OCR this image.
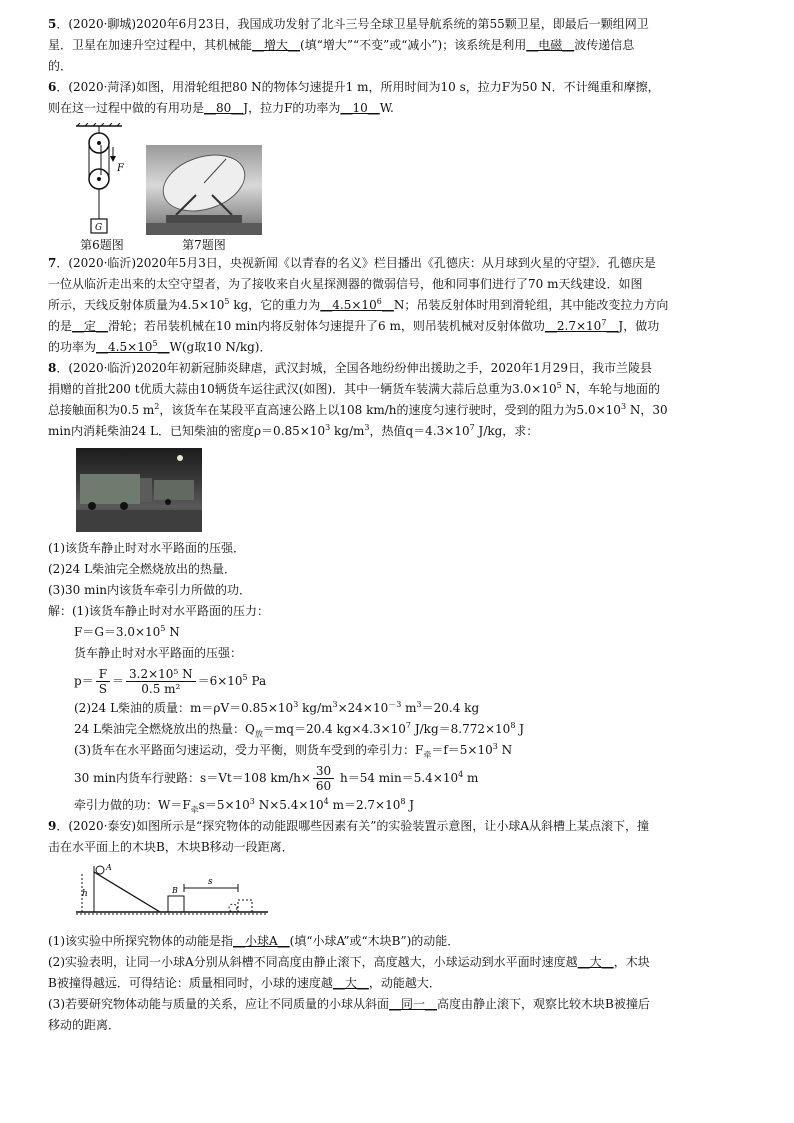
5．(2020·聊城)2020年6月23日，我国成功发射了北斗三号全球卫星导航系统的第55颗卫星，即最后一颗组网卫

星．卫星在加速升空过程中，其机械能__增大__(填“增大”“不变”或“减小”)；该系统是利用__电磁__波传递信息

的．

6．(2020·菏泽)如图，用滑轮组把80 N的物体匀速提升1 m，所用时间为10 s，拉力F为50 N．不计绳重和摩擦，

则在这一过程中做的有用功是__80__J，拉力F的功率为__10__W.

F
G
第6题图	第7题图

7．(2020·临沂)2020年5月3日，央视新闻《以青春的名义》栏目播出《孔德庆：从月球到火星的守望》．孔德庆是

一位从临沂走出来的太空守望者，为了接收来自火星探测器的微弱信号，他和同事们进行了70 m天线建设．如图

所示，天线反射体质量为$4.5\times 10^5$ kg，它的重力为$\_\_4.5\times 10^6\_\_N$；吊装反射体时用到滑轮组，其中能改变拉力方向

的是__定__滑轮；若吊装机械在10 min内将反射体匀速提升了6 m，则吊装机械对反射体做功$\_\_2.7\times 10^7\_\_J$，做功

的功率为$\_\_4.5\times 10^5\_\_W(g$取10 N/kg)．

8．(2020·临沂)2020年初新冠肺炎肆虐，武汉封城，全国各地纷纷伸出援助之手，2020年1月29日，我市兰陵县

捐赠的首批200 t优质大蒜由10辆货车运往武汉(如图)．其中一辆货车装满大蒜后总重为$3.0\times 10^5$ N，车轮与地面的

总接触面积为0.5 $m^2$，该货车在某段平直高速公路上以108 km/h的速度匀速行驶时，受到的阻力为$5.0\times 10^3$ N，30

min内消耗柴油24 L．已知柴油的密度$\rho=0.85\times 10^3$ $kg/m^3$，热值$q=4.3\times 10^7$ J/kg，求：

(1)该货车静止时对水平路面的压强．

(2)24 L柴油完全燃烧放出的热量．

(3)30 min内该货车牵引力所做的功．

解：(1)该货车静止时对水平路面的压力：

$F=G=3.0\times 10^5$ N

货车静止时对水平路面的压强：

$p= \frac{F}{S} = \frac{\text{3.2×10⁵ N}}{\text{0.5 m²}} =6\times 10^5$ Pa

(2)24 L柴油的质量：$m=\rho V=0.85\times 10^3$ $kg/m^3\times 24\times 10^{-3}$ $m^3=20.4$ kg

24 L柴油完全燃烧放出的热量：$Q_放=mq=20.4$ $kg\times 4.3\times 10^7$ $J/kg=8.772\times 10^8$ J

(3)货车在水平路面匀速运动，受力平衡，则货车受到的牵引力：$F_牵=f=5\times 10^3$ N

30 min内货车行驶路：s＝Vt＝108 $km/h\times \frac{30}{60} h=54$ $\min=5.4\times 10^4$ m

牵引力做的功：$W=F_牵s=5\times 10^3$ $N\times 5.4\times 10^4$ $m=2.7\times 10^8$ J

9．(2020·泰安)如图所示是“探究物体的动能跟哪些因素有关”的实验装置示意图，让小球A从斜槽上某点滚下，撞

击在水平面上的木块B，木块B移动一段距离．

A
h	B
s

(1)该实验中所探究物体的动能是指__小球A__(填“小球A”或“木块B”)的动能．

(2)实验表明，让同一小球A分别从斜槽不同高度由静止滚下，高度越大，小球运动到水平面时速度越__大__，木块

B被撞得越远．可得结论：质量相同时，小球的速度越__大__，动能越大．

(3)若要研究物体动能与质量的关系，应让不同质量的小球从斜面__同一__高度由静止滚下，观察比较木块B被撞后

移动的距离．
